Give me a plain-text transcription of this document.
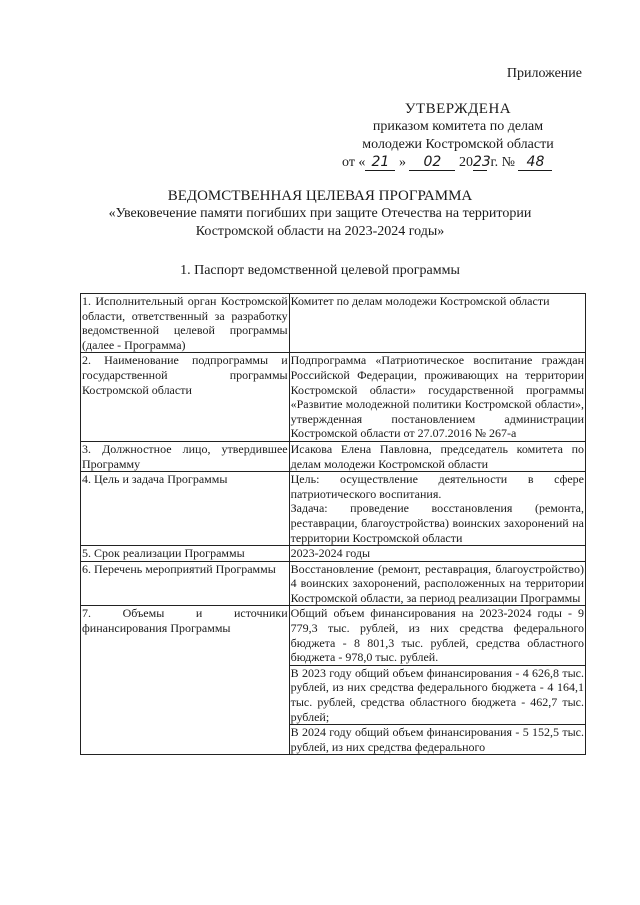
Приложение
УТВЕРЖДЕНА
приказом комитета по делам
молодежи Костромской области
от « 21 » 02 2023 г. № 48
ВЕДОМСТВЕННАЯ ЦЕЛЕВАЯ ПРОГРАММА
«Увековечение памяти погибших при защите Отечества на территории
Костромской области на 2023-2024 годы»
1. Паспорт ведомственной целевой программы
1. Исполнительный орган Костромской области, ответственный за разработку ведомственной целевой программы (далее - Программа)	Комитет по делам молодежи Костромской области
2. Наименование подпрограммы и государственной программы Костромской области	Подпрограмма «Патриотическое воспитание граждан Российской Федерации, проживающих на территории Костромской области» государственной программы «Развитие молодежной политики Костромской области», утвержденная постановлением администрации Костромской области от 27.07.2016 № 267-а
3. Должностное лицо, утвердившее Программу	Исакова Елена Павловна, председатель комитета по делам молодежи Костромской области
4. Цель и задача Программы	Цель: осуществление деятельности в сфере патриотического воспитания.
Задача: проведение восстановления (ремонта, реставрации, благоустройства) воинских захоронений на территории Костромской области

5. Срок реализации Программы	2023-2024 годы
6. Перечень мероприятий Программы	Восстановление (ремонт, реставрация, благоустройство) 4 воинских захоронений, расположенных на территории Костромской области, за период реализации Программы
7. Объемы и источники финансирования Программы	Общий объем финансирования на 2023-2024 годы - 9 779,3 тыс. рублей, из них средства федерального бюджета - 8 801,3 тыс. рублей, средства областного бюджета - 978,0 тыс. рублей.
В 2023 году общий объем финансирования - 4 626,8 тыс. рублей, из них средства федерального бюджета - 4 164,1 тыс. рублей, средства областного бюджета - 462,7 тыс. рублей;
В 2024 году общий объем финансирования - 5 152,5 тыс. рублей, из них средства федерального
